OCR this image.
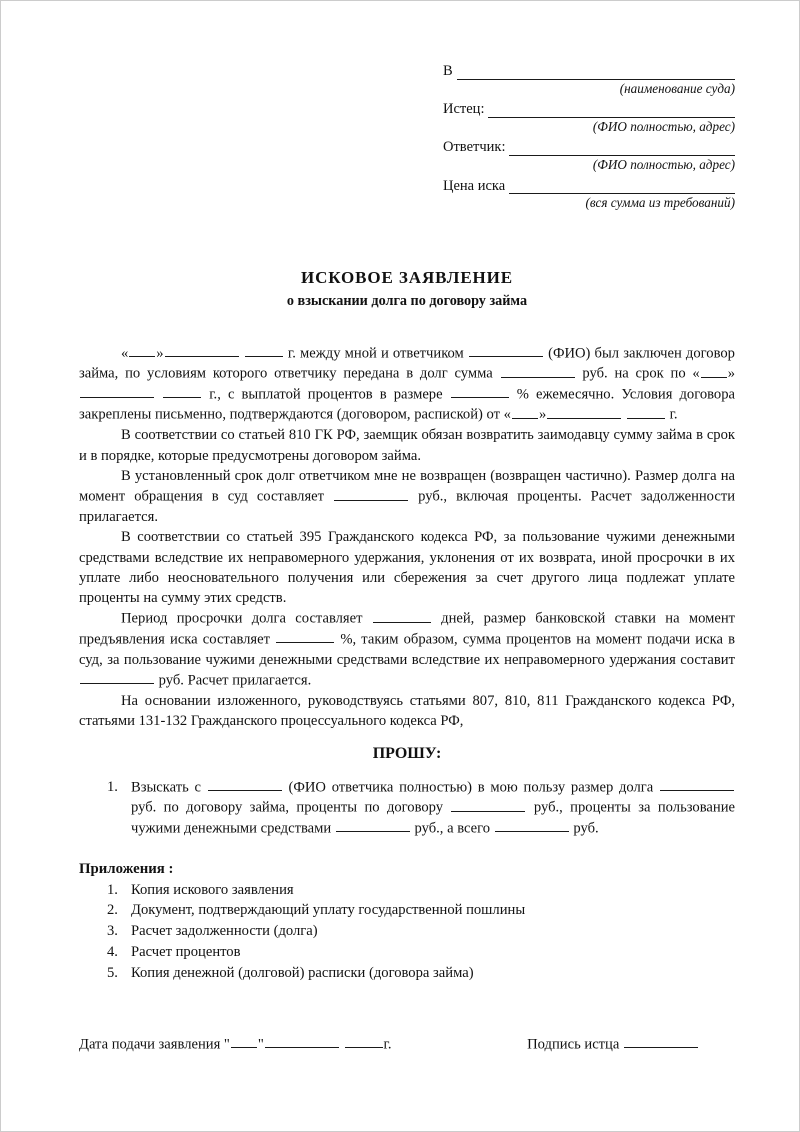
В
(наименование суда)
Истец:
(ФИО полностью, адрес)
Ответчик:
(ФИО полностью, адрес)
Цена иска
(вся сумма из требований)
ИСКОВОЕ ЗАЯВЛЕНИЕ
о взыскании долга по договору займа

« »	г. между мной и ответчиком	(ФИО) был заключен договор займа, по условиям которого ответчику передана в долг сумма	руб. на срок по « »  г., с выплатой процентов в размере	% ежемесячно. Условия договора закреплены письменно, подтверждаются (договором, распиской) от « »	г.

В соответствии со статьей 810 ГК РФ, заемщик обязан возвратить заимодавцу сумму займа в срок и в порядке, которые предусмотрены договором займа.

В установленный срок долг ответчиком мне не возвращен (возвращен частично). Размер долга на момент обращения в суд составляет	руб., включая проценты. Расчет задолженности прилагается.

В соответствии со статьей 395 Гражданского кодекса РФ, за пользование чужими денежными средствами вследствие их неправомерного удержания, уклонения от их возврата, иной просрочки в их уплате либо неосновательного получения или сбережения за счет другого лица подлежат уплате проценты на сумму этих средств.

Период просрочки долга составляет	дней, размер банковской ставки на момент предъявления иска составляет	%, таким образом, сумма процентов на момент подачи иска в суд, за пользование чужими денежными средствами вследствие их неправомерного удержания составит  руб. Расчет прилагается.

На основании изложенного, руководствуясь статьями 807, 810, 811 Гражданского кодекса РФ, статьями 131-132 Гражданского процессуального кодекса РФ,

ПРОШУ:
1. Взыскать с	(ФИО ответчика полностью) в мою пользу размер долга  руб. по договору займа, проценты по договору	руб., проценты за пользование чужими денежными средствами	руб., а всего	руб.
Приложения :
1. Копия искового заявления
2. Документ, подтверждающий уплату государственной пошлины
3. Расчет задолженности (долга)
4. Расчет процентов
5. Копия денежной (долговой) расписки (договора займа)
Дата подачи заявления " "	г.	Подпись истца
